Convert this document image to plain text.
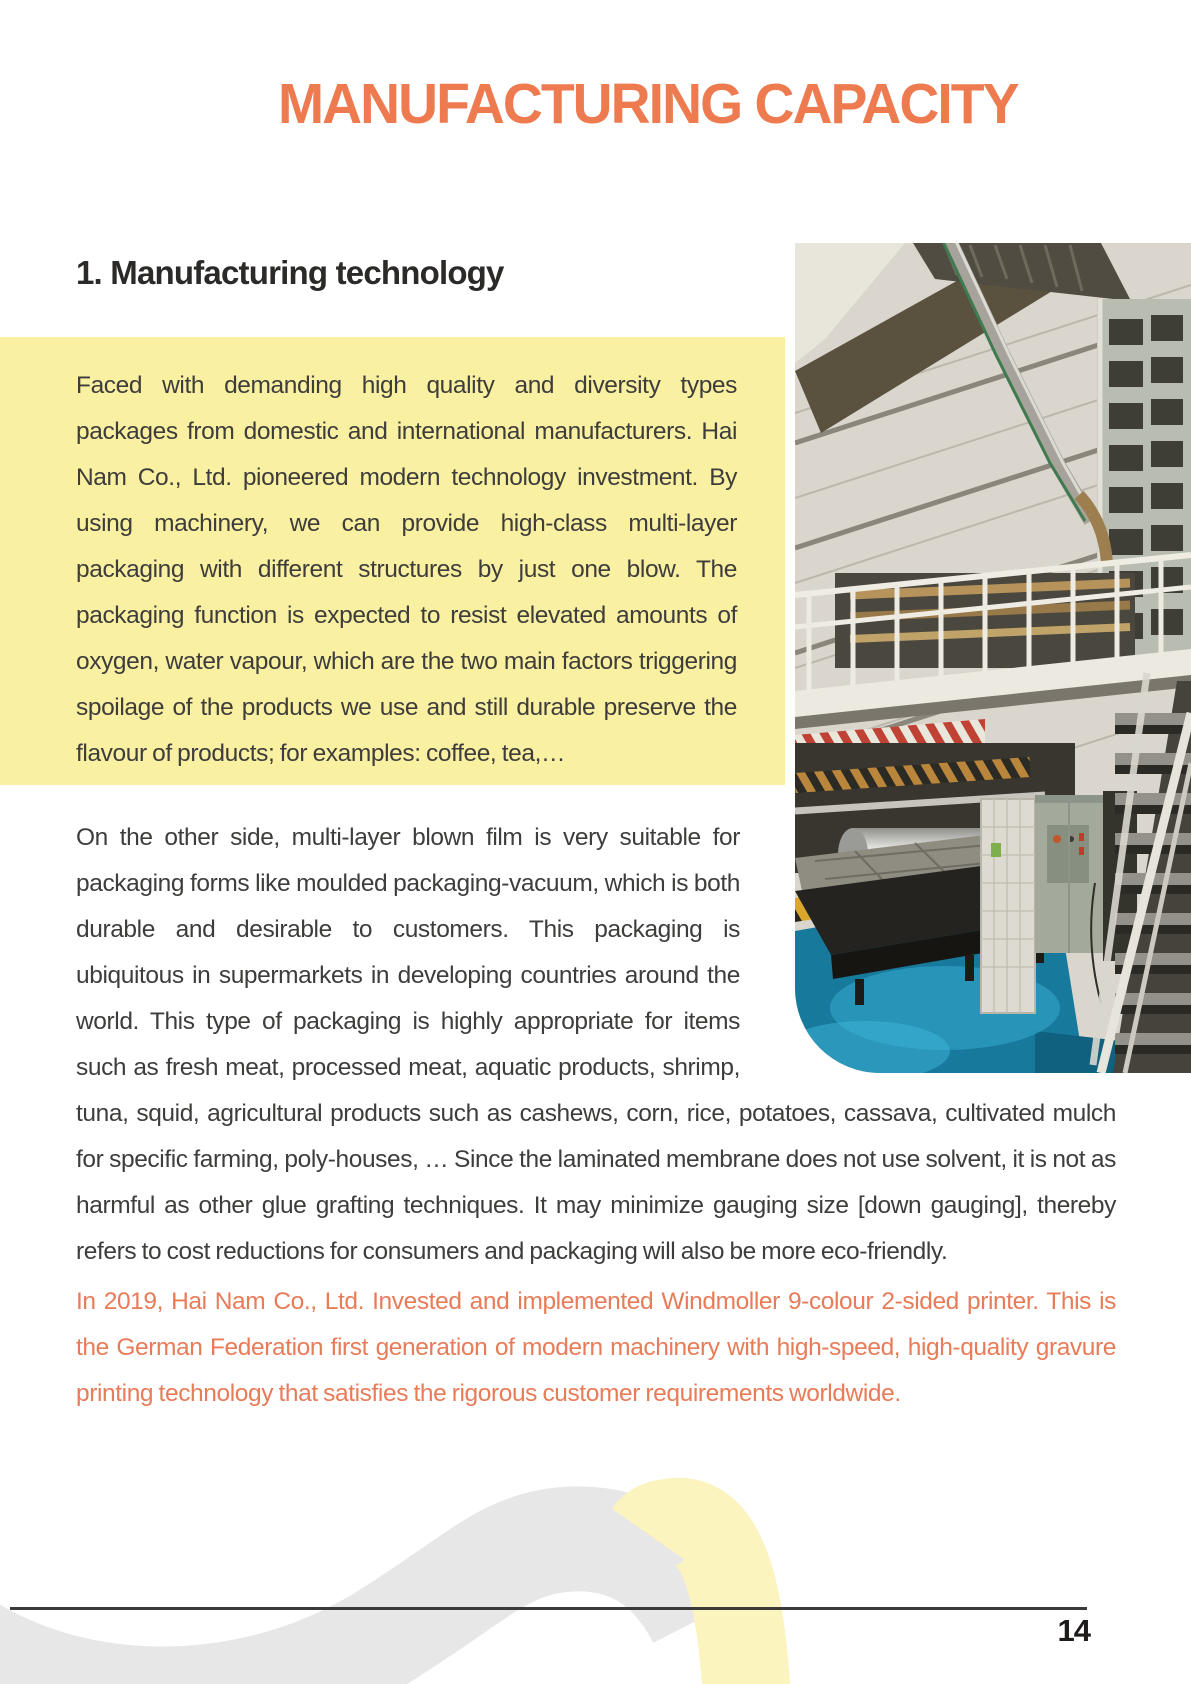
MANUFACTURING CAPACITY
1. Manufacturing technology

Faced with demanding high quality and diversity types packages from domestic and international manufacturers. Hai Nam Co., Ltd. pioneered modern technology investment. By using machinery, we can provide high-class multi-layer packaging with different structures by just one blow. The packaging function is expected to resist elevated amounts of oxygen, water vapour, which are the two main factors triggering spoilage of the products we use and still durable preserve the flavour of products; for examples: coffee, tea,…

On the other side, multi-layer blown film is very suitable for packaging forms like moulded packaging-vacuum, which is both durable and desirable to customers. This packaging is ubiquitous in supermarkets in developing countries around the world. This type of packaging is highly appropriate for items such as fresh meat, processed meat, aquatic products, shrimp, tuna, squid, agricultural products such as cashews, corn, rice, potatoes, cassava, cultivated mulch for specific farming, poly-houses, … Since the laminated membrane does not use solvent, it is not as harmful as other glue grafting techniques. It may minimize gauging size [down gauging], thereby refers to cost reductions for consumers and packaging will also be more eco-friendly.

In 2019, Hai Nam Co., Ltd. Invested and implemented Windmoller 9-colour 2-sided printer. This is the German Federation first generation of modern machinery with high-speed, high-quality gravure printing technology that satisfies the rigorous customer requirements worldwide.

14
